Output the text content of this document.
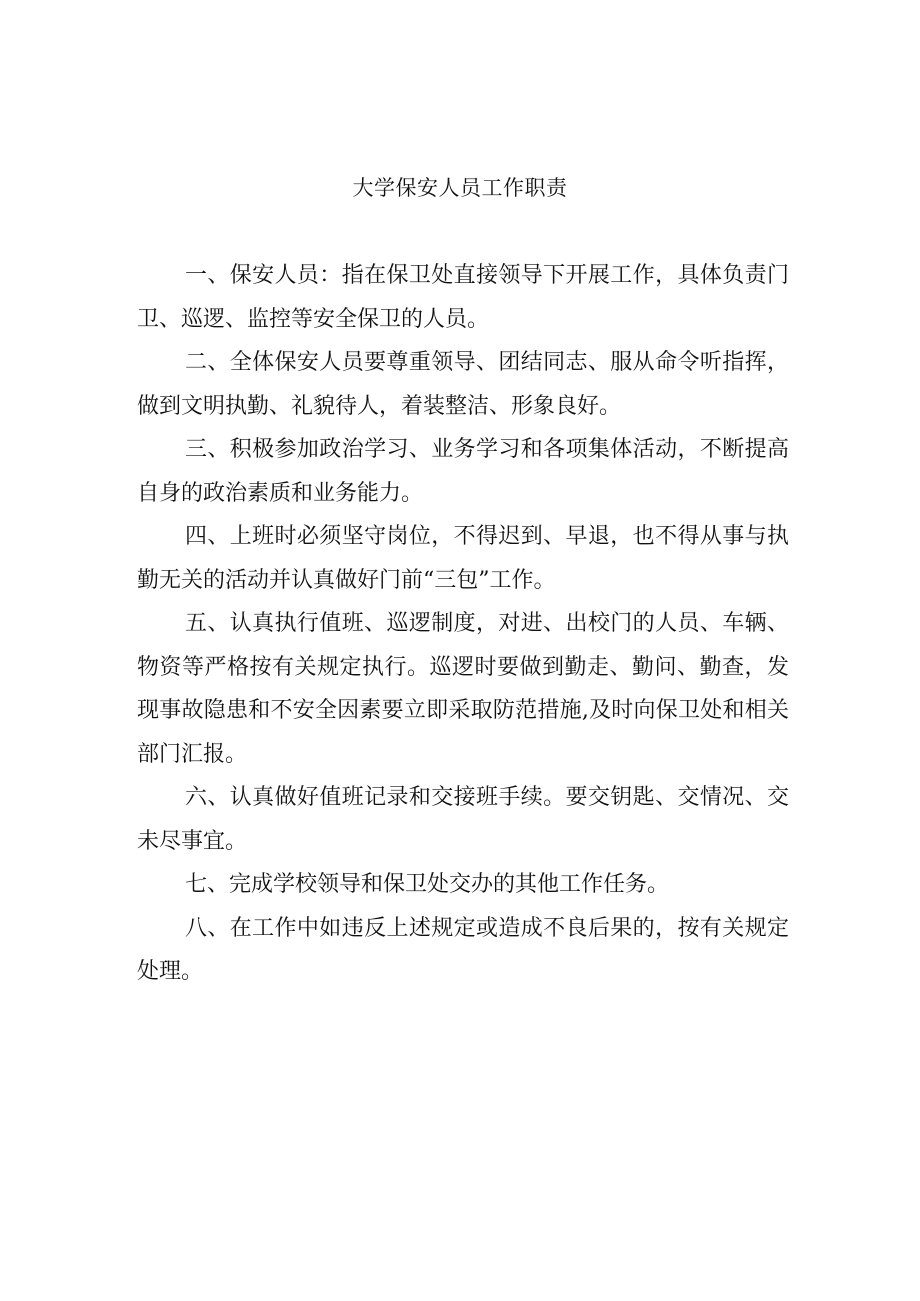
大学保安人员工作职责

一、保安人员：指在保卫处直接领导下开展工作，具体负责门卫、巡逻、监控等安全保卫的人员。

二、全体保安人员要尊重领导、团结同志、服从命令听指挥，做到文明执勤、礼貌待人，着装整洁、形象良好。

三、积极参加政治学习、业务学习和各项集体活动，不断提高自身的政治素质和业务能力。

四、上班时必须坚守岗位，不得迟到、早退，也不得从事与执勤无关的活动并认真做好门前“三包”工作。

五、认真执行值班、巡逻制度，对进、出校门的人员、车辆、物资等严格按有关规定执行。巡逻时要做到勤走、勤问、勤查，发现事故隐患和不安全因素要立即采取防范措施,及时向保卫处和相关部门汇报。

六、认真做好值班记录和交接班手续。要交钥匙、交情况、交未尽事宜。

七、完成学校领导和保卫处交办的其他工作任务。

八、在工作中如违反上述规定或造成不良后果的，按有关规定处理。
